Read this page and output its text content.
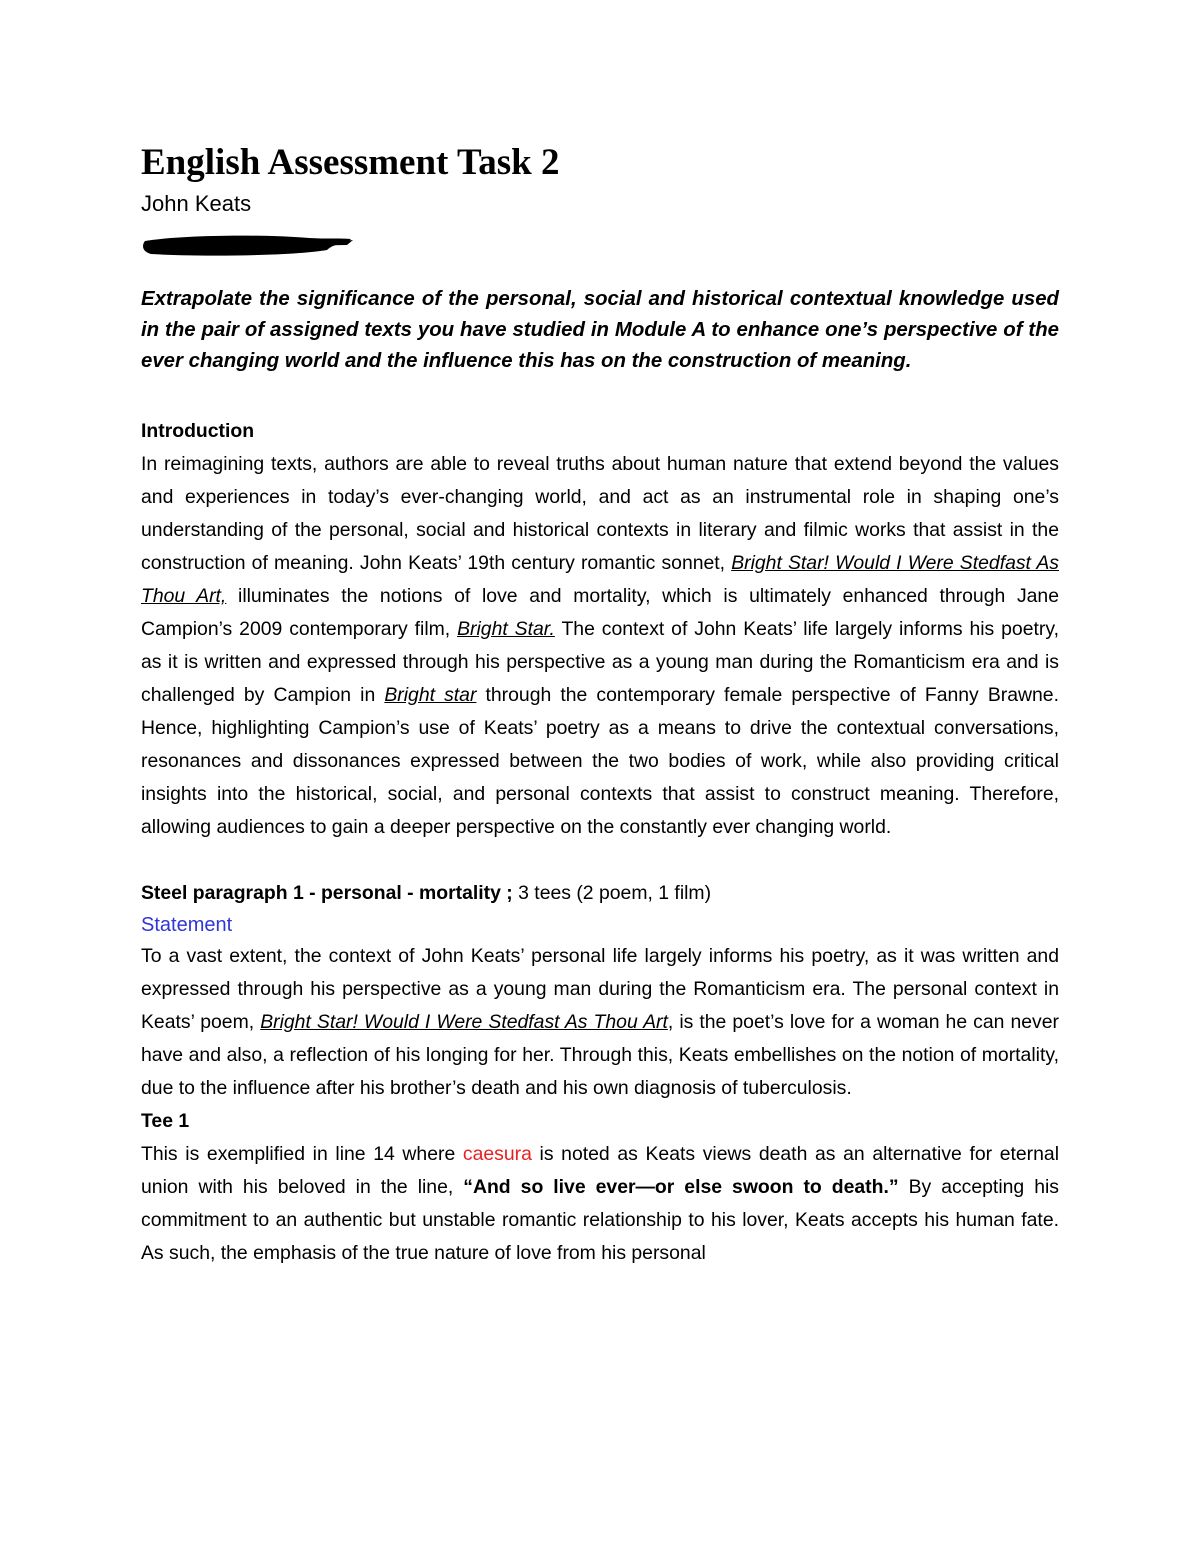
English Assessment Task 2

John Keats

Extrapolate the significance of the personal, social and historical contextual knowledge used in the pair of assigned texts you have studied in Module A to enhance one’s perspective of the ever changing world and the influence this has on the construction of meaning.

Introduction

In reimagining texts, authors are able to reveal truths about human nature that extend beyond the values and experiences in today’s ever-changing world, and act as an instrumental role in shaping one’s understanding of the personal, social and historical contexts in literary and filmic works that assist in the construction of meaning. John Keats’ 19th century romantic sonnet, Bright Star! Would I Were Stedfast As Thou Art, illuminates the notions of love and mortality, which is ultimately enhanced through Jane Campion’s 2009 contemporary film, Bright Star. The context of John Keats’ life largely informs his poetry, as it is written and expressed through his perspective as a young man during the Romanticism era and is challenged by Campion in Bright star through the contemporary female perspective of Fanny Brawne. Hence, highlighting Campion’s use of Keats’ poetry as a means to drive the contextual conversations, resonances and dissonances expressed between the two bodies of work, while also providing critical insights into the historical, social, and personal contexts that assist to construct meaning. Therefore, allowing audiences to gain a deeper perspective on the constantly ever changing world.

Steel paragraph 1 - personal - mortality ; 3 tees (2 poem, 1 film)

Statement

To a vast extent, the context of John Keats’ personal life largely informs his poetry, as it was written and expressed through his perspective as a young man during the Romanticism era. The personal context in Keats’ poem, Bright Star! Would I Were Stedfast As Thou Art, is the poet’s love for a woman he can never have and also, a reflection of his longing for her. Through this, Keats embellishes on the notion of mortality, due to the influence after his brother’s death and his own diagnosis of tuberculosis.

Tee 1

This is exemplified in line 14 where caesura is noted as Keats views death as an alternative for eternal union with his beloved in the line, “And so live ever—or else swoon to death.” By accepting his commitment to an authentic but unstable romantic relationship to his lover, Keats accepts his human fate. As such, the emphasis of the true nature of love from his personal
